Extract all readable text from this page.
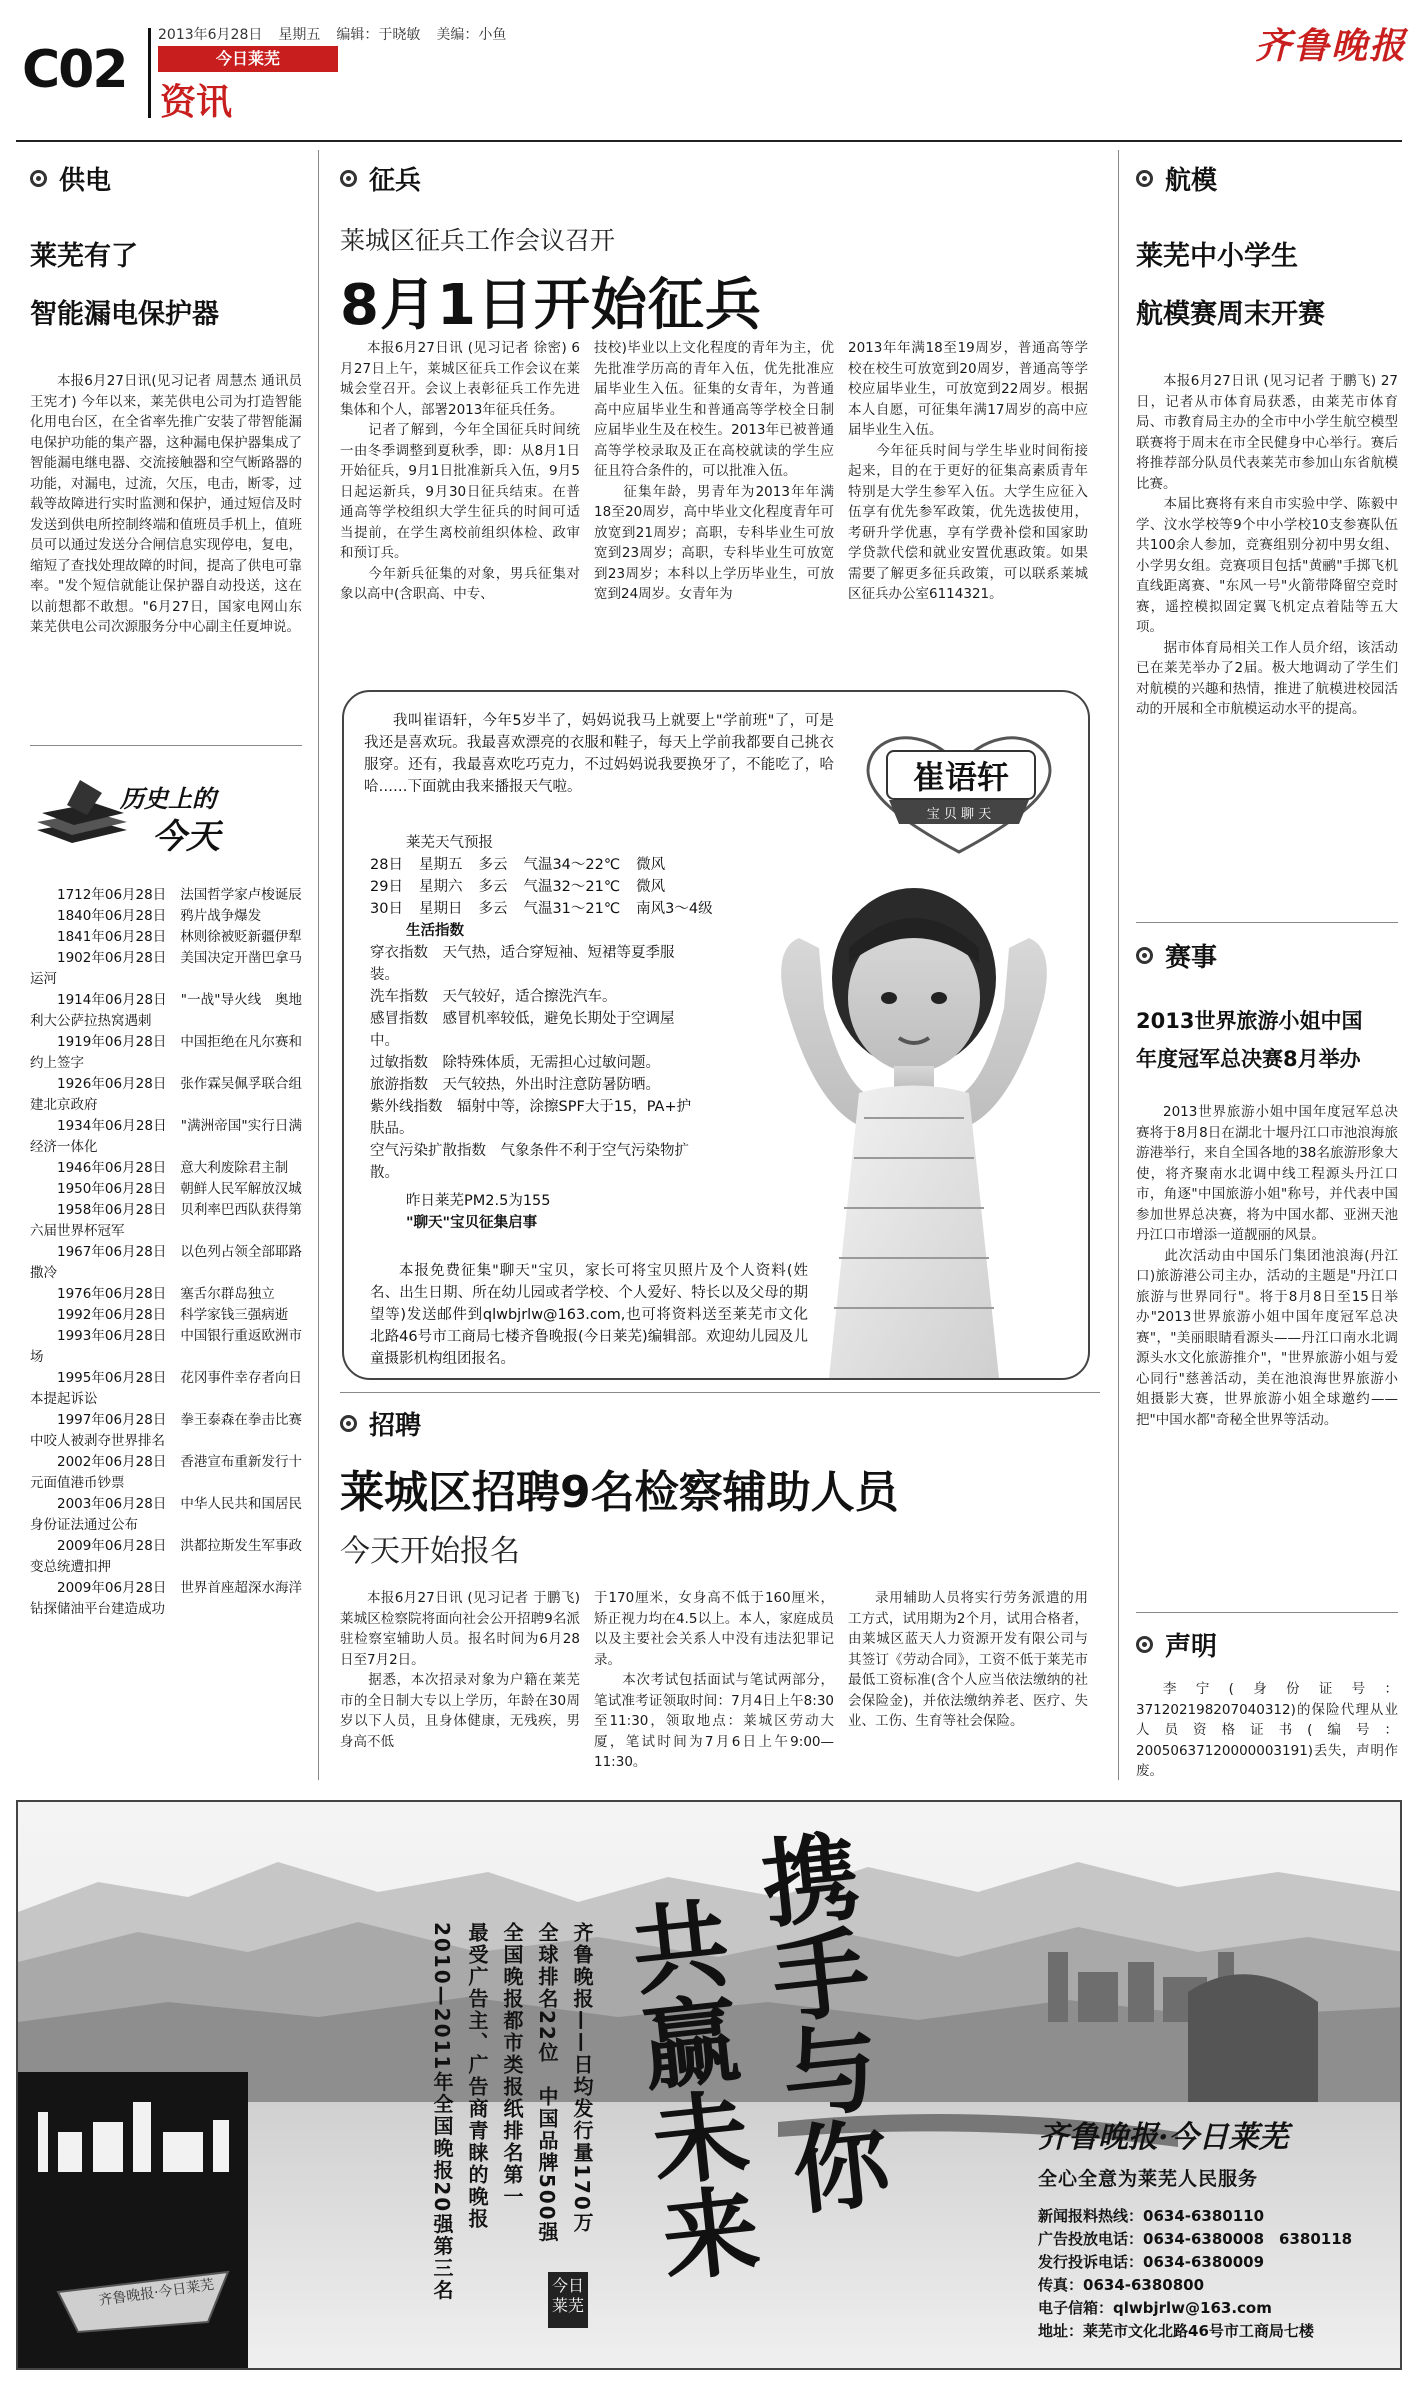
C02
2013年6月28日 星期五 编辑：于晓敏 美编：小鱼
今日莱芜
资讯
齐鲁晚报
供电
莱芜有了
智能漏电保护器
本报6月27日讯(见习记者 周慧杰 通讯员 王宪才) 今年以来，莱芜供电公司为打造智能化用电台区，在全省率先推广安装了带智能漏电保护功能的集产器，这种漏电保护器集成了智能漏电继电器、交流接触器和空气断路器的功能，对漏电，过流，欠压，电击，断零，过载等故障进行实时监测和保护，通过短信及时发送到供电所控制终端和值班员手机上，值班员可以通过发送分合闸信息实现停电，复电，缩短了查找处理故障的时间，提高了供电可靠率。"发个短信就能让保护器自动投送，这在以前想都不敢想。"6月27日，国家电网山东莱芜供电公司次源服务分中心副主任夏坤说。
历史上的
今天
1712年06月28日 法国哲学家卢梭诞辰
1840年06月28日 鸦片战争爆发
1841年06月28日 林则徐被贬新疆伊犁
1902年06月28日 美国决定开凿巴拿马运河
1914年06月28日 "一战"导火线　奥地利大公萨拉热窝遇刺
1919年06月28日 中国拒绝在凡尔赛和约上签字
1926年06月28日 张作霖吴佩孚联合组建北京政府
1934年06月28日 "满洲帝国"实行日满经济一体化
1946年06月28日 意大利废除君主制
1950年06月28日 朝鲜人民军解放汉城
1958年06月28日 贝利率巴西队获得第六届世界杯冠军
1967年06月28日 以色列占领全部耶路撒冷
1976年06月28日 塞舌尔群岛独立
1992年06月28日 科学家钱三强病逝
1993年06月28日 中国银行重返欧洲市场
1995年06月28日 花冈事件幸存者向日本提起诉讼
1997年06月28日 拳王泰森在拳击比赛中咬人被剥夺世界排名
2002年06月28日 香港宣布重新发行十元面值港币钞票
2003年06月28日 中华人民共和国居民身份证法通过公布
2009年06月28日 洪都拉斯发生军事政变总统遭扣押
2009年06月28日 世界首座超深水海洋钻探储油平台建造成功
征兵
莱城区征兵工作会议召开
8月1日开始征兵
本报6月27日讯 (见习记者 徐密) 6月27日上午，莱城区征兵工作会议在莱城会堂召开。会议上表彰征兵工作先进集体和个人，部署2013年征兵任务。
　　记者了解到，今年全国征兵时间统一由冬季调整到夏秋季，即：从8月1日开始征兵，9月1日批准新兵入伍，9月5日起运新兵，9月30日征兵结束。在普通高等学校组织大学生征兵的时间可适当提前，在学生离校前组织体检、政审和预订兵。
　　今年新兵征集的对象，男兵征集对象以高中(含职高、中专、
技校)毕业以上文化程度的青年为主，优先批准学历高的青年入伍，优先批准应届毕业生入伍。征集的女青年，为普通高中应届毕业生和普通高等学校全日制应届毕业生及在校生。2013年已被普通高等学校录取及正在高校就读的学生应征且符合条件的，可以批准入伍。
　　征集年龄，男青年为2013年年满18至20周岁，高中毕业文化程度青年可放宽到21周岁；高职，专科毕业生可放宽到23周岁；高职，专科毕业生可放宽到23周岁；本科以上学历毕业生，可放宽到24周岁。女青年为
2013年年满18至19周岁，普通高等学校在校生可放宽到20周岁，普通高等学校应届毕业生，可放宽到22周岁。根据本人自愿，可征集年满17周岁的高中应届毕业生入伍。
　　今年征兵时间与学生毕业时间衔接起来，目的在于更好的征集高素质青年特别是大学生参军入伍。大学生应征入伍享有优先参军政策，优先选拔使用，考研升学优惠，享有学费补偿和国家助学贷款代偿和就业安置优惠政策。如果需要了解更多征兵政策，可以联系莱城区征兵办公室6114321。
我叫崔语轩，今年5岁半了，妈妈说我马上就要上"学前班"了，可是我还是喜欢玩。我最喜欢漂亮的衣服和鞋子，每天上学前我都要自己挑衣服穿。还有，我最喜欢吃巧克力，不过妈妈说我要换牙了，不能吃了，哈哈……下面就由我来播报天气啦。	崔语轩
宝 贝 聊 天
莱芜天气预报
28日 星期五 多云 气温34～22℃ 微风
29日 星期六 多云 气温32～21℃ 微风
30日 星期日 多云 气温31～21℃ 南风3～4级
生活指数
穿衣指数　天气热，适合穿短袖、短裙等夏季服装。
洗车指数　天气较好，适合擦洗汽车。
感冒指数　感冒机率较低，避免长期处于空调屋中。
过敏指数　除特殊体质，无需担心过敏问题。
旅游指数　天气较热，外出时注意防暑防晒。
紫外线指数　辐射中等，涂擦SPF大于15，PA+护肤品。
空气污染扩散指数　气象条件不利于空气污染物扩散。
昨日莱芜PM2.5为155
"聊天"宝贝征集启事
本报免费征集"聊天"宝贝，家长可将宝贝照片及个人资料(姓名、出生日期、所在幼儿园或者学校、个人爱好、特长以及父母的期望等)发送邮件到qlwbjrlw@163.com,也可将资料送至莱芜市文化北路46号市工商局七楼齐鲁晚报(今日莱芜)编辑部。欢迎幼儿园及儿童摄影机构组团报名。
招聘
莱城区招聘9名检察辅助人员
今天开始报名
本报6月27日讯 (见习记者 于鹏飞) 莱城区检察院将面向社会公开招聘9名派驻检察室辅助人员。报名时间为6月28日至7月2日。
　　据悉，本次招录对象为户籍在莱芜市的全日制大专以上学历，年龄在30周岁以下人员，且身体健康，无残疾，男身高不低
于170厘米，女身高不低于160厘米，矫正视力均在4.5以上。本人，家庭成员以及主要社会关系人中没有违法犯罪记录。
　　本次考试包括面试与笔试两部分，笔试准考证领取时间：7月4日上午8:30至11:30，领取地点：莱城区劳动大厦，笔试时间为7月6日上午9:00—11:30。
录用辅助人员将实行劳务派遣的用工方式，试用期为2个月，试用合格者，由莱城区蓝天人力资源开发有限公司与其签订《劳动合同》，工资不低于莱芜市最低工资标准(含个人应当依法缴纳的社会保险金)，并依法缴纳养老、医疗、失业、工伤、生育等社会保险。
航模
莱芜中小学生
航模赛周末开赛
本报6月27日讯 (见习记者 于鹏飞) 27日，记者从市体育局获悉，由莱芜市体育局、市教育局主办的全市中小学生航空模型联赛将于周末在市全民健身中心举行。赛后将推荐部分队员代表莱芜市参加山东省航模比赛。
　　本届比赛将有来自市实验中学、陈毅中学、汶水学校等9个中小学校10支参赛队伍共100余人参加，竞赛组别分初中男女组、小学男女组。竞赛项目包括"黄鹂"手掷飞机直线距离赛、"东风一号"火箭带降留空竞时赛，遥控模拟固定翼飞机定点着陆等五大项。
　　据市体育局相关工作人员介绍，该活动已在莱芜举办了2届。极大地调动了学生们对航模的兴趣和热情，推进了航模进校园活动的开展和全市航模运动水平的提高。
赛事
2013世界旅游小姐中国
年度冠军总决赛8月举办
2013世界旅游小姐中国年度冠军总决赛将于8月8日在湖北十堰丹江口市池浪海旅游港举行，来自全国各地的38名旅游形象大使，将齐聚南水北调中线工程源头丹江口市，角逐"中国旅游小姐"称号，并代表中国参加世界总决赛，将为中国水都、亚洲天池丹江口市增添一道靓丽的风景。
　　此次活动由中国乐门集团池浪海(丹江口)旅游港公司主办，活动的主题是"丹江口旅游与世界同行"。将于8月8日至15日举办"2013世界旅游小姐中国年度冠军总决赛"，"美丽眼睛看源头——丹江口南水北调源头水文化旅游推介"，"世界旅游小姐与爱心同行"慈善活动，美在池浪海世界旅游小姐摄影大赛，世界旅游小姐全球邀约——把"中国水都"奇秘全世界等活动。
声明
李宁(身份证号：371202198207040312)的保险代理从业人员资格证书(编号：20050637120000003191)丢失，声明作废。
携手与你
共赢未来
齐鲁晚报——日均发行量170万
全球排名22位　中国品牌500强
全国晚报都市类报纸排名第一
最受广告主、广告商青睐的晚报
2010—2011年全国晚报20强第三名	今日莱芜
齐鲁晚报·今日莱芜
齐鲁晚报·今日莱芜
全心全意为莱芜人民服务
新闻报料热线：0634-6380110
广告投放电话：0634-6380008　6380118
发行投诉电话：0634-6380009
传真：0634-6380800
电子信箱：qlwbjrlw@163.com
地址：莱芜市文化北路46号市工商局七楼
